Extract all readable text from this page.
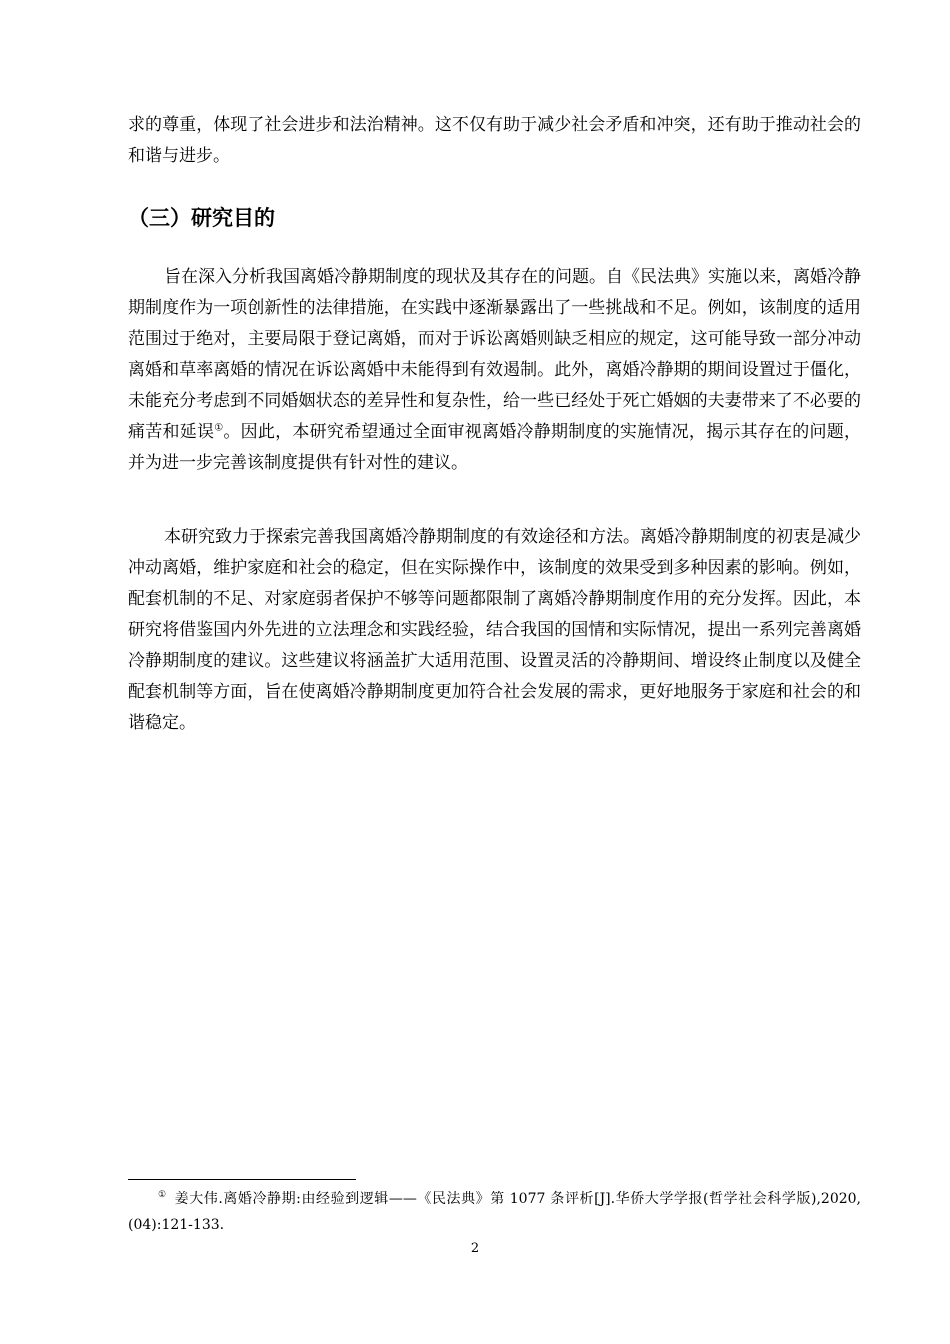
求的尊重，体现了社会进步和法治精神。这不仅有助于减少社会矛盾和冲突，还有助于推动社会的和谐与进步。

（三）研究目的

旨在深入分析我国离婚冷静期制度的现状及其存在的问题。自《民法典》实施以来，离婚冷静期制度作为一项创新性的法律措施，在实践中逐渐暴露出了一些挑战和不足。例如，该制度的适用范围过于绝对，主要局限于登记离婚，而对于诉讼离婚则缺乏相应的规定，这可能导致一部分冲动离婚和草率离婚的情况在诉讼离婚中未能得到有效遏制。此外，离婚冷静期的期间设置过于僵化，未能充分考虑到不同婚姻状态的差异性和复杂性，给一些已经处于死亡婚姻的夫妻带来了不必要的痛苦和延误①。因此，本研究希望通过全面审视离婚冷静期制度的实施情况，揭示其存在的问题，并为进一步完善该制度提供有针对性的建议。

本研究致力于探索完善我国离婚冷静期制度的有效途径和方法。离婚冷静期制度的初衷是减少冲动离婚，维护家庭和社会的稳定，但在实际操作中，该制度的效果受到多种因素的影响。例如，配套机制的不足、对家庭弱者保护不够等问题都限制了离婚冷静期制度作用的充分发挥。因此，本研究将借鉴国内外先进的立法理念和实践经验，结合我国的国情和实际情况，提出一系列完善离婚冷静期制度的建议。这些建议将涵盖扩大适用范围、设置灵活的冷静期间、增设终止制度以及健全配套机制等方面，旨在使离婚冷静期制度更加符合社会发展的需求，更好地服务于家庭和社会的和谐稳定。

① 姜大伟.离婚冷静期:由经验到逻辑——《民法典》第 1077 条评析[J].华侨大学学报(哲学社会科学版),2020,(04):121-133.

2
